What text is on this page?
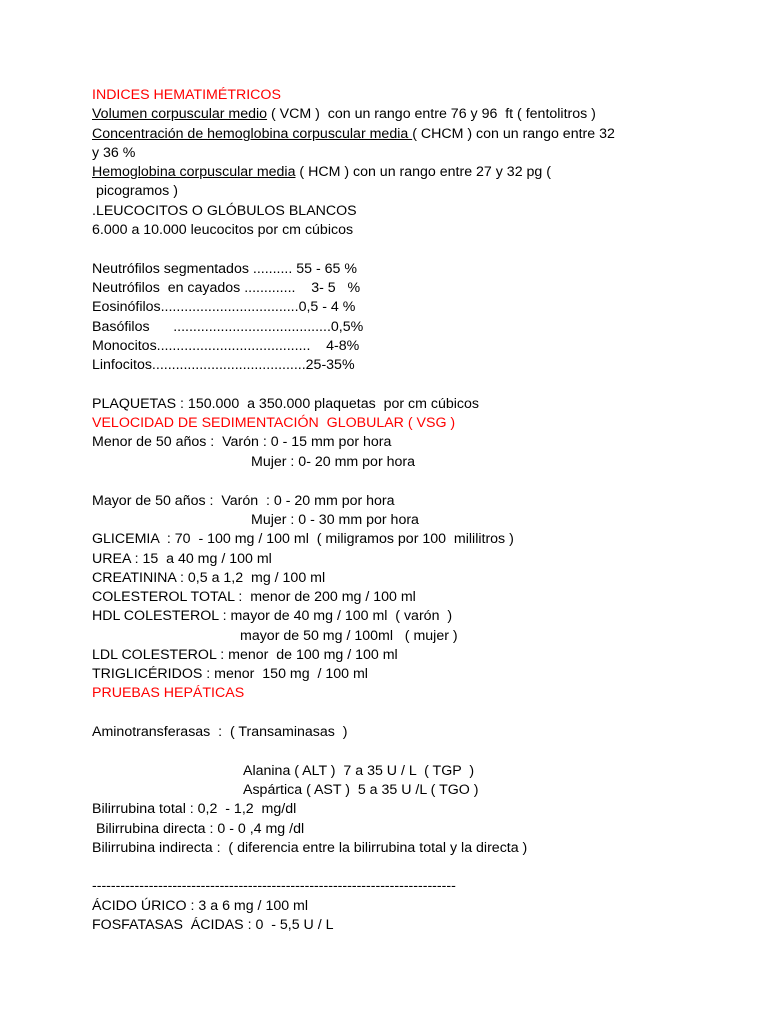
INDICES HEMATIMÉTRICOS
Volumen corpuscular medio ( VCM )  con un rango entre 76 y 96  ft ( fentolitros )
Concentración de hemoglobina corpuscular media ( CHCM ) con un rango entre 32
y 36 %
Hemoglobina corpuscular media ( HCM ) con un rango entre 27 y 32 pg (
picogramos )
.LEUCOCITOS O GLÓBULOS BLANCOS
6.000 a 10.000 leucocitos por cm cúbicos
Neutrófilos segmentados .......... 55 - 65 %
Neutrófilos  en cayados .............    3- 5   %
Eosinófilos...................................0,5 - 4 %
Basófilos      ........................................0,5%
Monocitos.......................................    4-8%
Linfocitos.......................................25-35%
PLAQUETAS : 150.000  a 350.000 plaquetas  por cm cúbicos
VELOCIDAD DE SEDIMENTACIÓN  GLOBULAR ( VSG )
Menor de 50 años :  Varón : 0 - 15 mm por hora
Mujer : 0- 20 mm por hora
Mayor de 50 años :  Varón  : 0 - 20 mm por hora
Mujer : 0 - 30 mm por hora
GLICEMIA  : 70  - 100 mg / 100 ml  ( miligramos por 100  mililitros )
UREA : 15  a 40 mg / 100 ml
CREATININA : 0,5 a 1,2  mg / 100 ml
COLESTEROL TOTAL :  menor de 200 mg / 100 ml
HDL COLESTEROL : mayor de 40 mg / 100 ml  ( varón  )
mayor de 50 mg / 100ml   ( mujer )
LDL COLESTEROL : menor  de 100 mg / 100 ml
TRIGLICÉRIDOS : menor  150 mg  / 100 ml
PRUEBAS HEPÁTICAS
Aminotransferasas  :  ( Transaminasas  )
Alanina ( ALT )  7 a 35 U / L  ( TGP  )
Aspártica ( AST )  5 a 35 U /L ( TGO )
Bilirrubina total : 0,2  - 1,2  mg/dl
Bilirrubina directa : 0 - 0 ,4 mg /dl
Bilirrubina indirecta :  ( diferencia entre la bilirrubina total y la directa )
-----------------------------------------------------------------------------
ÁCIDO ÚRICO : 3 a 6 mg / 100 ml
FOSFATASAS  ÁCIDAS : 0  - 5,5 U / L
